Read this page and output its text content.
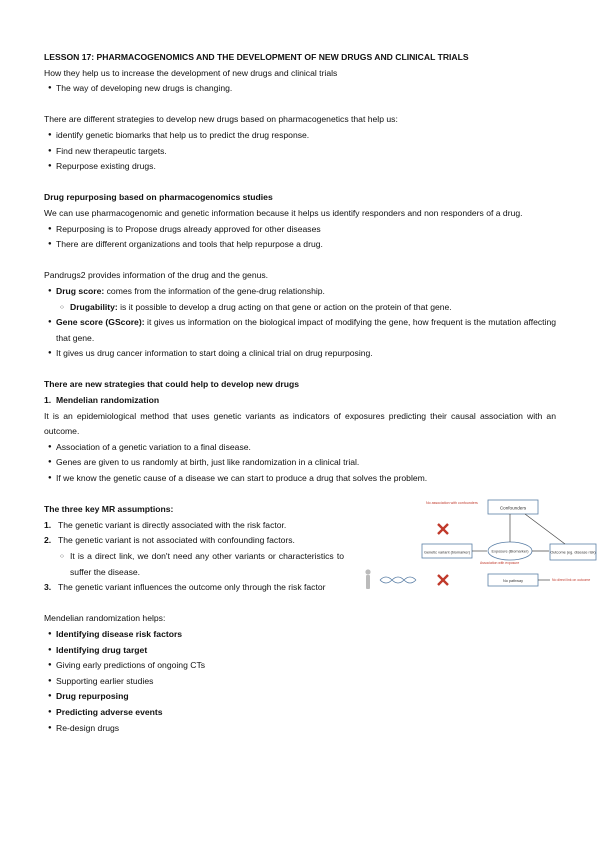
LESSON 17: PHARMACOGENOMICS AND THE DEVELOPMENT OF NEW DRUGS AND CLINICAL TRIALS

How they help us to increase the development of new drugs and clinical trials

● The way of developing new drugs is changing.

There are different strategies to develop new drugs based on pharmacogenetics that help us:

● identify genetic biomarks that help us to predict the drug response.
● Find new therapeutic targets.
● Repurpose existing drugs.

Drug repurposing based on pharmacogenomics studies

We can use pharmacogenomic and genetic information because it helps us identify responders and non responders of a drug.

● Repurposing is to Propose drugs already approved for other diseases
● There are different organizations and tools that help repurpose a drug.

Pandrugs2 provides information of the drug and the genus.

● Drug score: comes from the information of the gene-drug relationship.
○ Drugability: is it possible to develop a drug acting on that gene or action on the protein of that gene.
● Gene score (GScore): it gives us information on the biological impact of modifying the gene, how frequent is the mutation affecting that gene.
● It gives us drug cancer information to start doing a clinical trial on drug repurposing.

There are new strategies that could help to develop new drugs

1. Mendelian randomization

It is an epidemiological method that uses genetic variants as indicators of exposures predicting their causal association with an outcome.

● Association of a genetic variation to a final disease.
● Genes are given to us randomly at birth, just like randomization in a clinical trial.
● If we know the genetic cause of a disease we can start to produce a drug that solves the problem.

The three key MR assumptions:

1. The genetic variant is directly associated with the risk factor.
2. The genetic variant is not associated with confounding factors.
○ It is a direct link, we don't need any other variants or characteristics to suffer the disease.
3. The genetic variant influences the outcome only through the risk factor
Confounders
No association with confounders
Genetic variant (biomarker)	Exposure (Biomarker)	Outcome (eg. disease risk)
Association with exposure
No pathway	No direct link on outcome

Mendelian randomization helps:

● Identifying disease risk factors
● Identifying drug target
● Giving early predictions of ongoing CTs
● Supporting earlier studies
● Drug repurposing
● Predicting adverse events
● Re-design drugs
